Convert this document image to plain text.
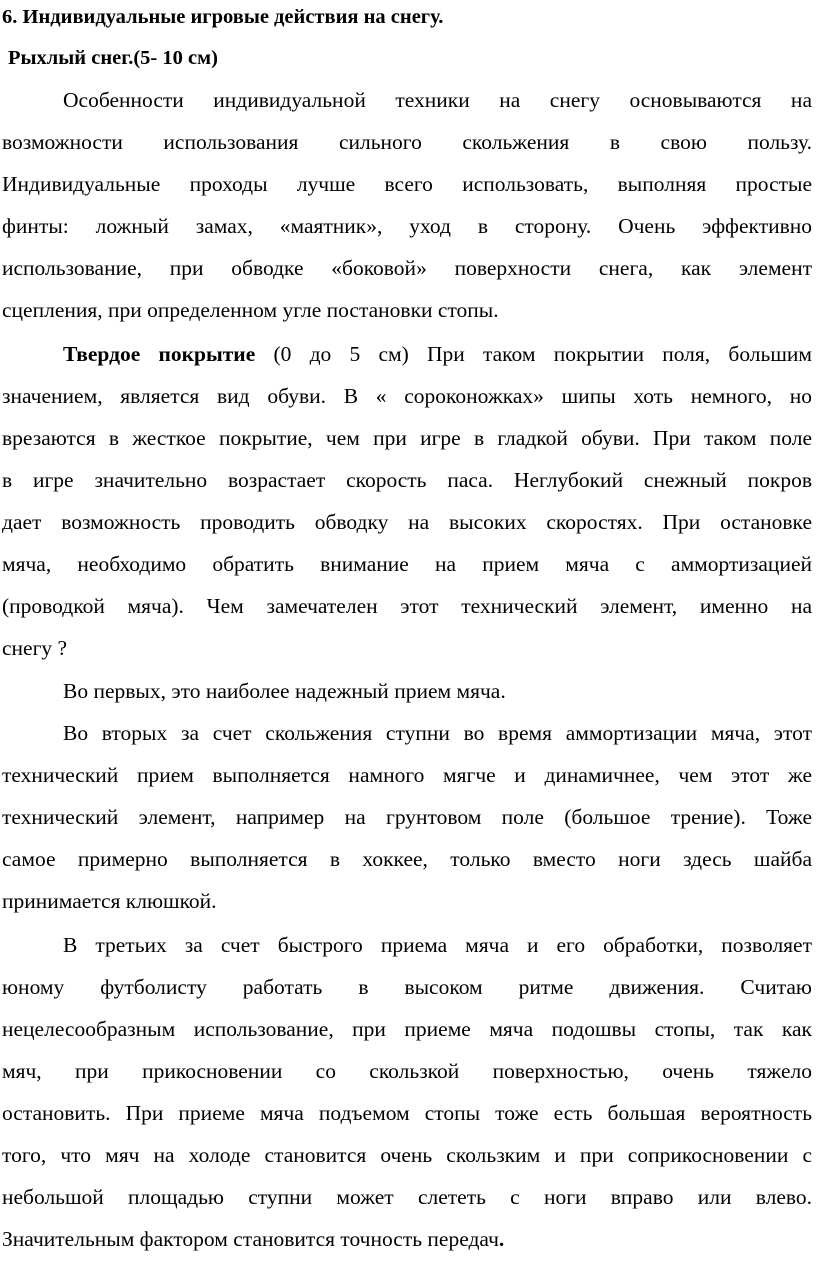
6. Индивидуальные игровые действия на снегу.
Рыхлый снег.(5- 10 см)
Особенности индивидуальной техники на снегу основываются на
возможности использования сильного скольжения в свою пользу.
Индивидуальные проходы лучше всего использовать, выполняя простые
финты: ложный замах, «маятник», уход в сторону. Очень эффективно
использование, при обводке «боковой» поверхности снега, как элемент
сцепления, при определенном угле постановки стопы.
Твердое покрытие (0 до 5 см) При таком покрытии поля, большим
значением, является вид обуви. В « сороконожках» шипы хоть немного, но
врезаются в жесткое покрытие, чем при игре в гладкой обуви. При таком поле
в игре значительно возрастает скорость паса. Неглубокий снежный покров
дает возможность проводить обводку на высоких скоростях. При остановке
мяча, необходимо обратить внимание на прием мяча с аммортизацией
(проводкой мяча). Чем замечателен этот технический элемент, именно на
снегу ?
Во первых, это наиболее надежный прием мяча.
Во вторых за счет скольжения ступни во время аммортизации мяча, этот
технический прием выполняется намного мягче и динамичнее, чем этот же
технический элемент, например на грунтовом поле (большое трение). Тоже
самое примерно выполняется в хоккее, только вместо ноги здесь шайба
принимается клюшкой.
В третьих за счет быстрого приема мяча и его обработки, позволяет
юному футболисту работать в высоком ритме движения. Считаю
нецелесообразным использование, при приеме мяча подошвы стопы, так как
мяч, при прикосновении со скользкой поверхностью, очень тяжело
остановить. При приеме мяча подъемом стопы тоже есть большая вероятность
того, что мяч на холоде становится очень скользким и при соприкосновении с
небольшой площадью ступни может слететь с ноги вправо или влево.
Значительным фактором становится точность передач.
